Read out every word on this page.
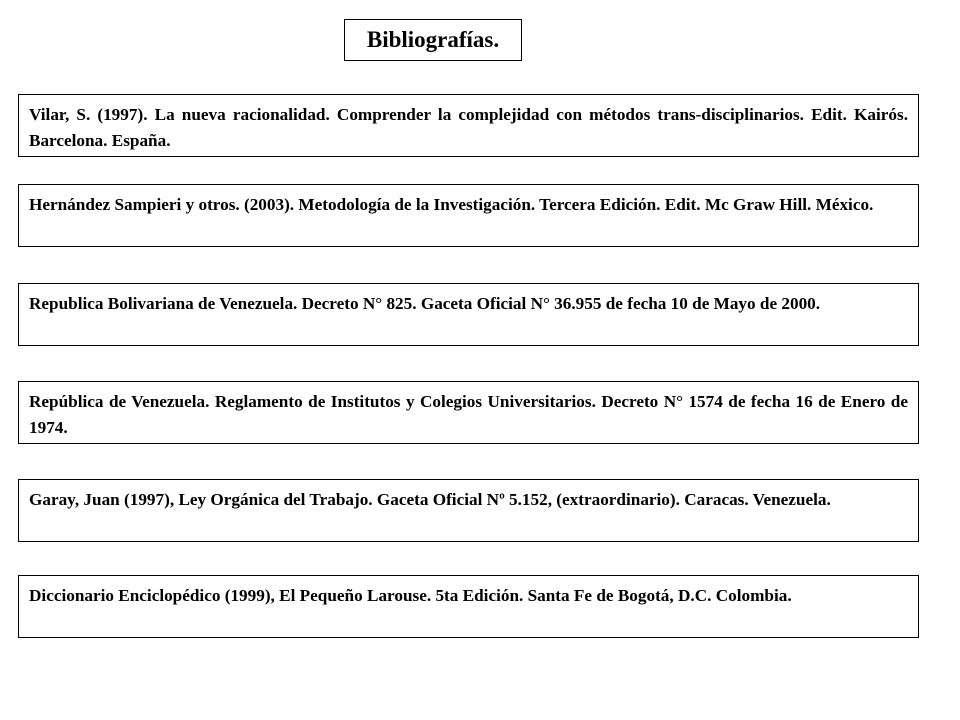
Bibliografías.
Vilar, S. (1997). La nueva racionalidad. Comprender la complejidad con métodos trans-disciplinarios. Edit. Kairós. Barcelona. España.
Hernández Sampieri y otros. (2003). Metodología de la Investigación. Tercera Edición. Edit. Mc Graw Hill. México.
Republica Bolivariana de Venezuela. Decreto N° 825. Gaceta Oficial N° 36.955 de fecha 10 de Mayo de 2000.
República de Venezuela. Reglamento de Institutos y Colegios Universitarios. Decreto N° 1574 de fecha 16 de Enero de 1974.
Garay, Juan (1997), Ley Orgánica del Trabajo. Gaceta Oficial Nº 5.152, (extraordinario). Caracas. Venezuela.
Diccionario Enciclopédico (1999), El Pequeño Larouse. 5ta Edición. Santa Fe de Bogotá, D.C. Colombia.
